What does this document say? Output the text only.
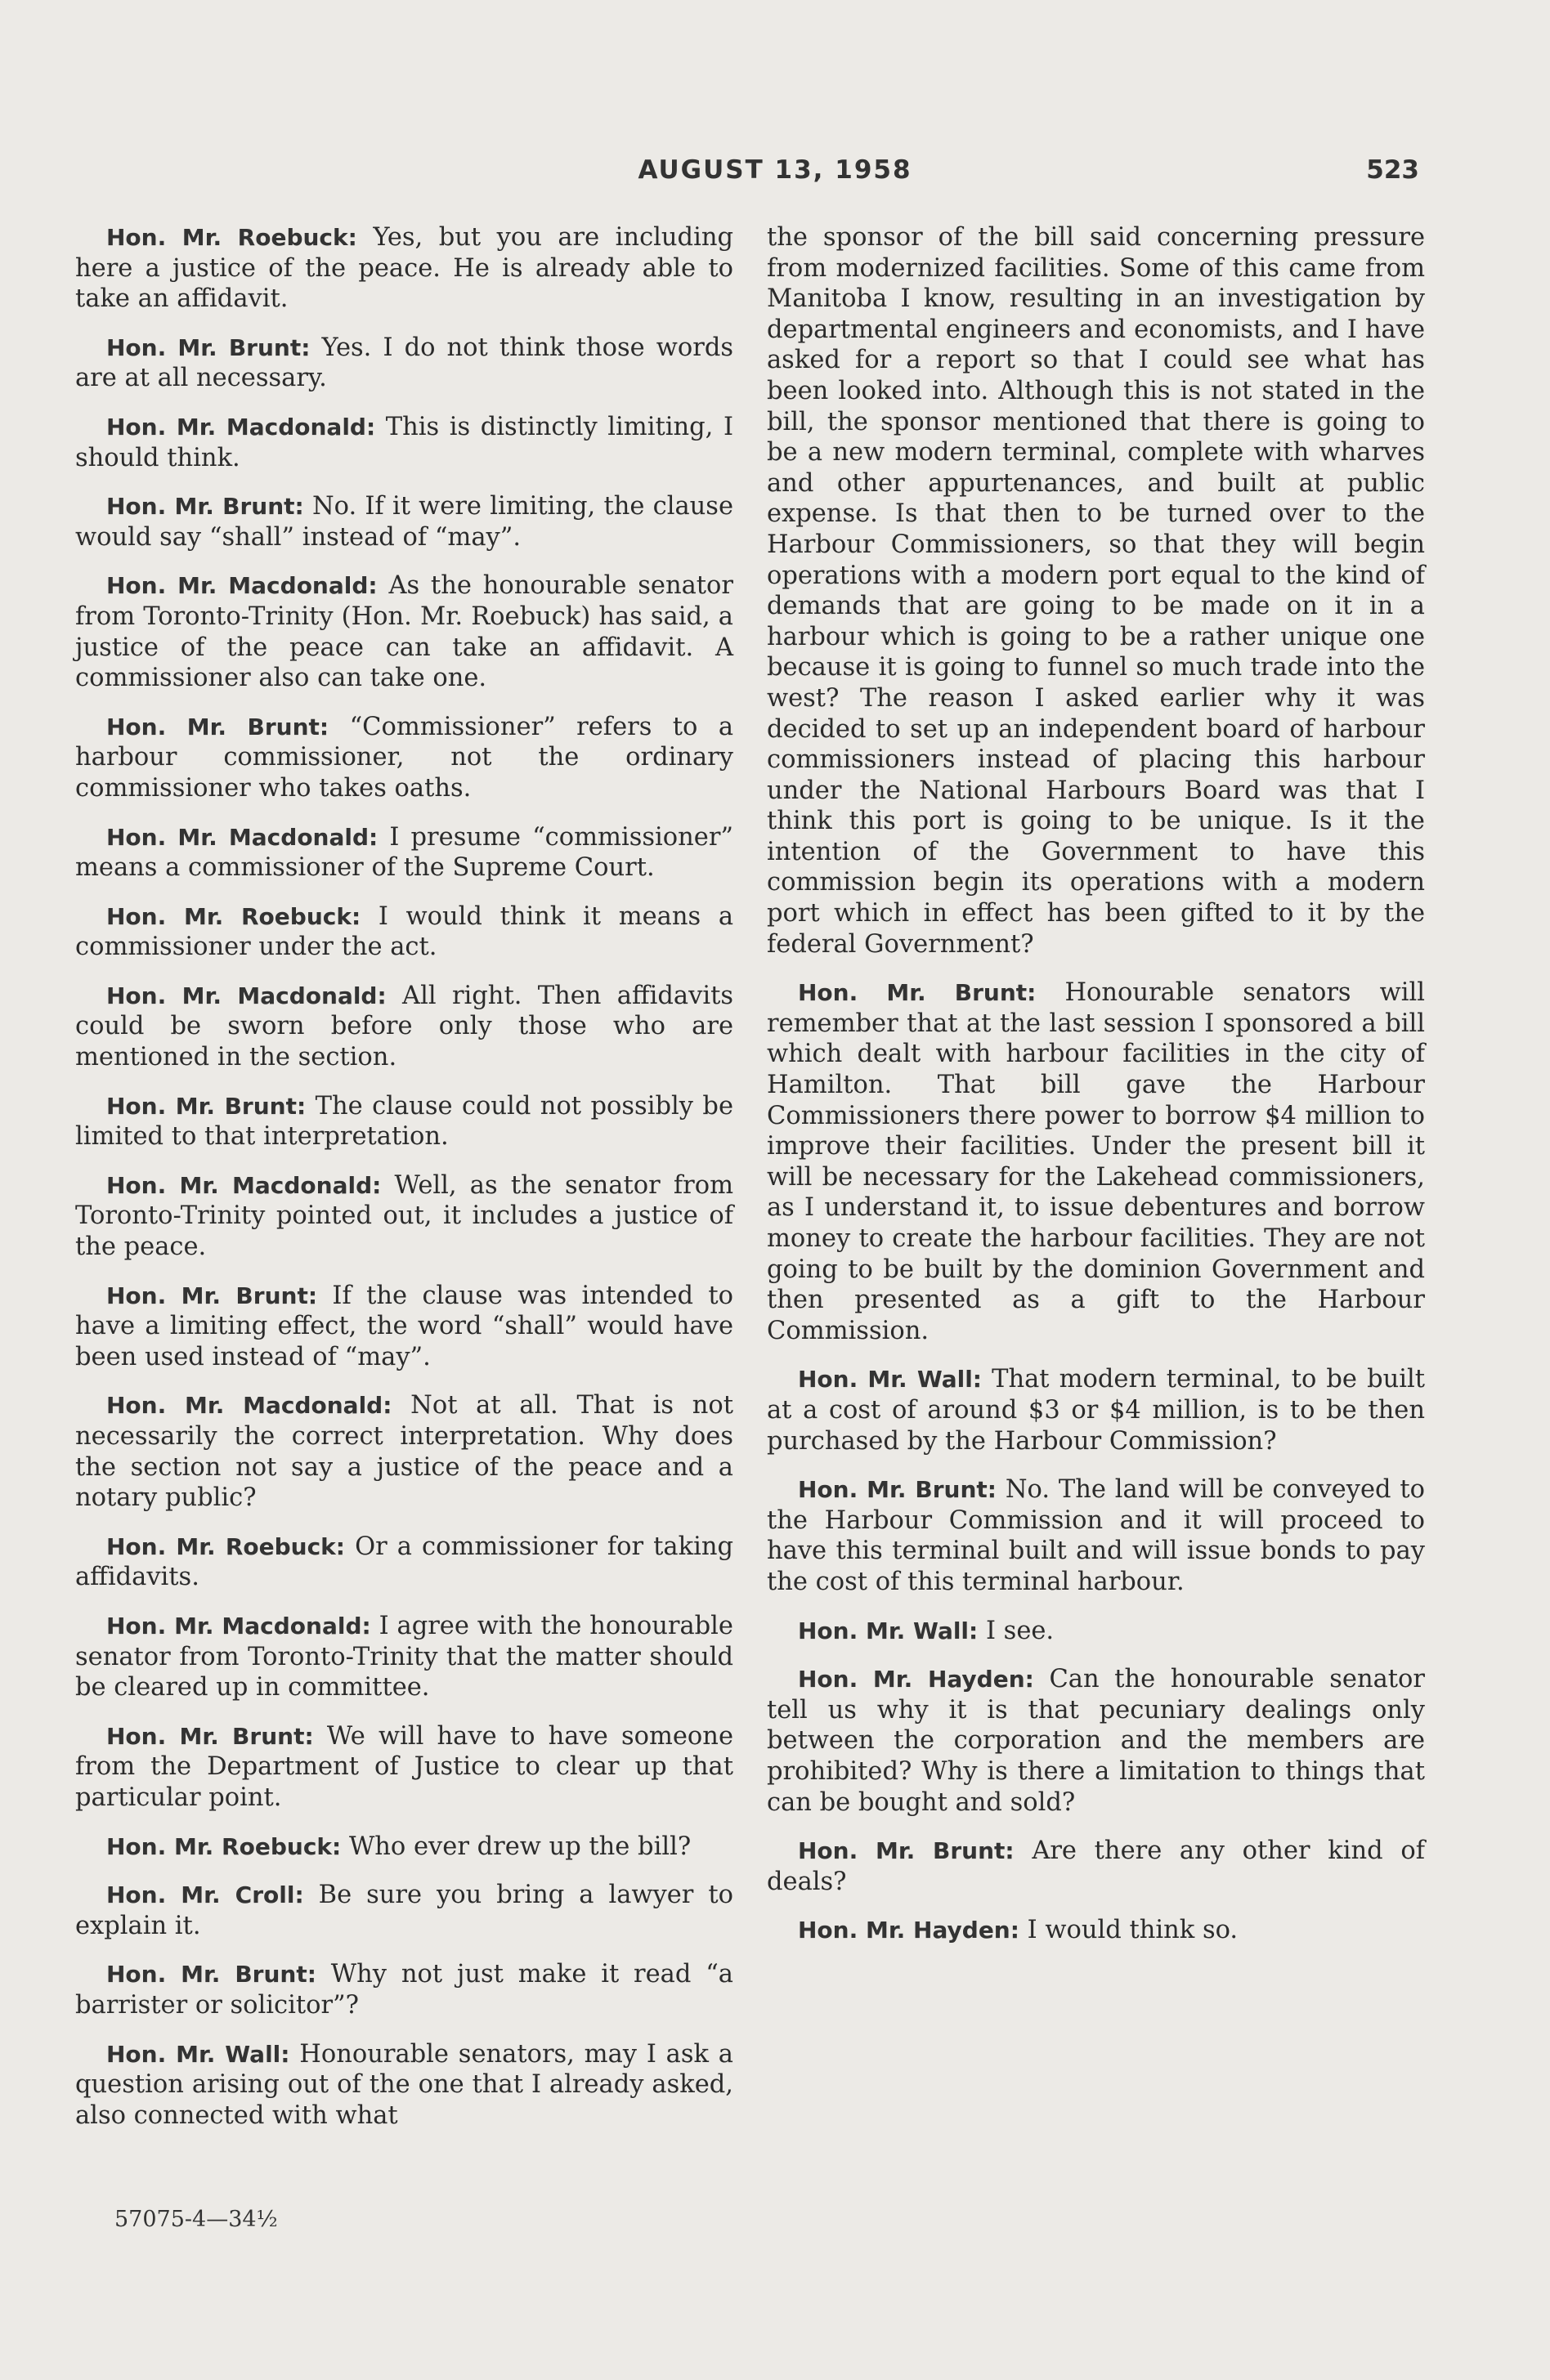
AUGUST 13, 1958	523

Hon. Mr. Roebuck: Yes, but you are including here a justice of the peace. He is already able to take an affidavit.

Hon. Mr. Brunt: Yes. I do not think those words are at all necessary.

Hon. Mr. Macdonald: This is distinctly limiting, I should think.

Hon. Mr. Brunt: No. If it were limiting, the clause would say “shall” instead of “may”.

Hon. Mr. Macdonald: As the honourable senator from Toronto-Trinity (Hon. Mr. Roebuck) has said, a justice of the peace can take an affidavit. A commissioner also can take one.

Hon. Mr. Brunt: “Commissioner” refers to a harbour commissioner, not the ordinary commissioner who takes oaths.

Hon. Mr. Macdonald: I presume “commissioner” means a commissioner of the Supreme Court.

Hon. Mr. Roebuck: I would think it means a commissioner under the act.

Hon. Mr. Macdonald: All right. Then affidavits could be sworn before only those who are mentioned in the section.

Hon. Mr. Brunt: The clause could not possibly be limited to that interpretation.

Hon. Mr. Macdonald: Well, as the senator from Toronto-Trinity pointed out, it includes a justice of the peace.

Hon. Mr. Brunt: If the clause was intended to have a limiting effect, the word “shall” would have been used instead of “may”.

Hon. Mr. Macdonald: Not at all. That is not necessarily the correct interpretation. Why does the section not say a justice of the peace and a notary public?

Hon. Mr. Roebuck: Or a commissioner for taking affidavits.

Hon. Mr. Macdonald: I agree with the honourable senator from Toronto-Trinity that the matter should be cleared up in committee.

Hon. Mr. Brunt: We will have to have someone from the Department of Justice to clear up that particular point.

Hon. Mr. Roebuck: Who ever drew up the bill?

Hon. Mr. Croll: Be sure you bring a lawyer to explain it.

Hon. Mr. Brunt: Why not just make it read “a barrister or solicitor”?

Hon. Mr. Wall: Honourable senators, may I ask a question arising out of the one that I already asked, also connected with what

the sponsor of the bill said concerning pressure from modernized facilities. Some of this came from Manitoba I know, resulting in an investigation by departmental engineers and economists, and I have asked for a report so that I could see what has been looked into. Although this is not stated in the bill, the sponsor mentioned that there is going to be a new modern terminal, complete with wharves and other appurtenances, and built at public expense. Is that then to be turned over to the Harbour Commissioners, so that they will begin operations with a modern port equal to the kind of demands that are going to be made on it in a harbour which is going to be a rather unique one because it is going to funnel so much trade into the west? The reason I asked earlier why it was decided to set up an independent board of harbour commissioners instead of placing this harbour under the National Harbours Board was that I think this port is going to be unique. Is it the intention of the Government to have this commission begin its operations with a modern port which in effect has been gifted to it by the federal Government?

Hon. Mr. Brunt: Honourable senators will remember that at the last session I sponsored a bill which dealt with harbour facilities in the city of Hamilton. That bill gave the Harbour Commissioners there power to borrow $4 million to improve their facilities. Under the present bill it will be necessary for the Lakehead commissioners, as I understand it, to issue debentures and borrow money to create the harbour facilities. They are not going to be built by the dominion Government and then presented as a gift to the Harbour Commission.

Hon. Mr. Wall: That modern terminal, to be built at a cost of around $3 or $4 million, is to be then purchased by the Harbour Commission?

Hon. Mr. Brunt: No. The land will be conveyed to the Harbour Commission and it will proceed to have this terminal built and will issue bonds to pay the cost of this terminal harbour.

Hon. Mr. Wall: I see.

Hon. Mr. Hayden: Can the honourable senator tell us why it is that pecuniary dealings only between the corporation and the members are prohibited? Why is there a limitation to things that can be bought and sold?

Hon. Mr. Brunt: Are there any other kind of deals?

Hon. Mr. Hayden: I would think so.

57075-4—34½
